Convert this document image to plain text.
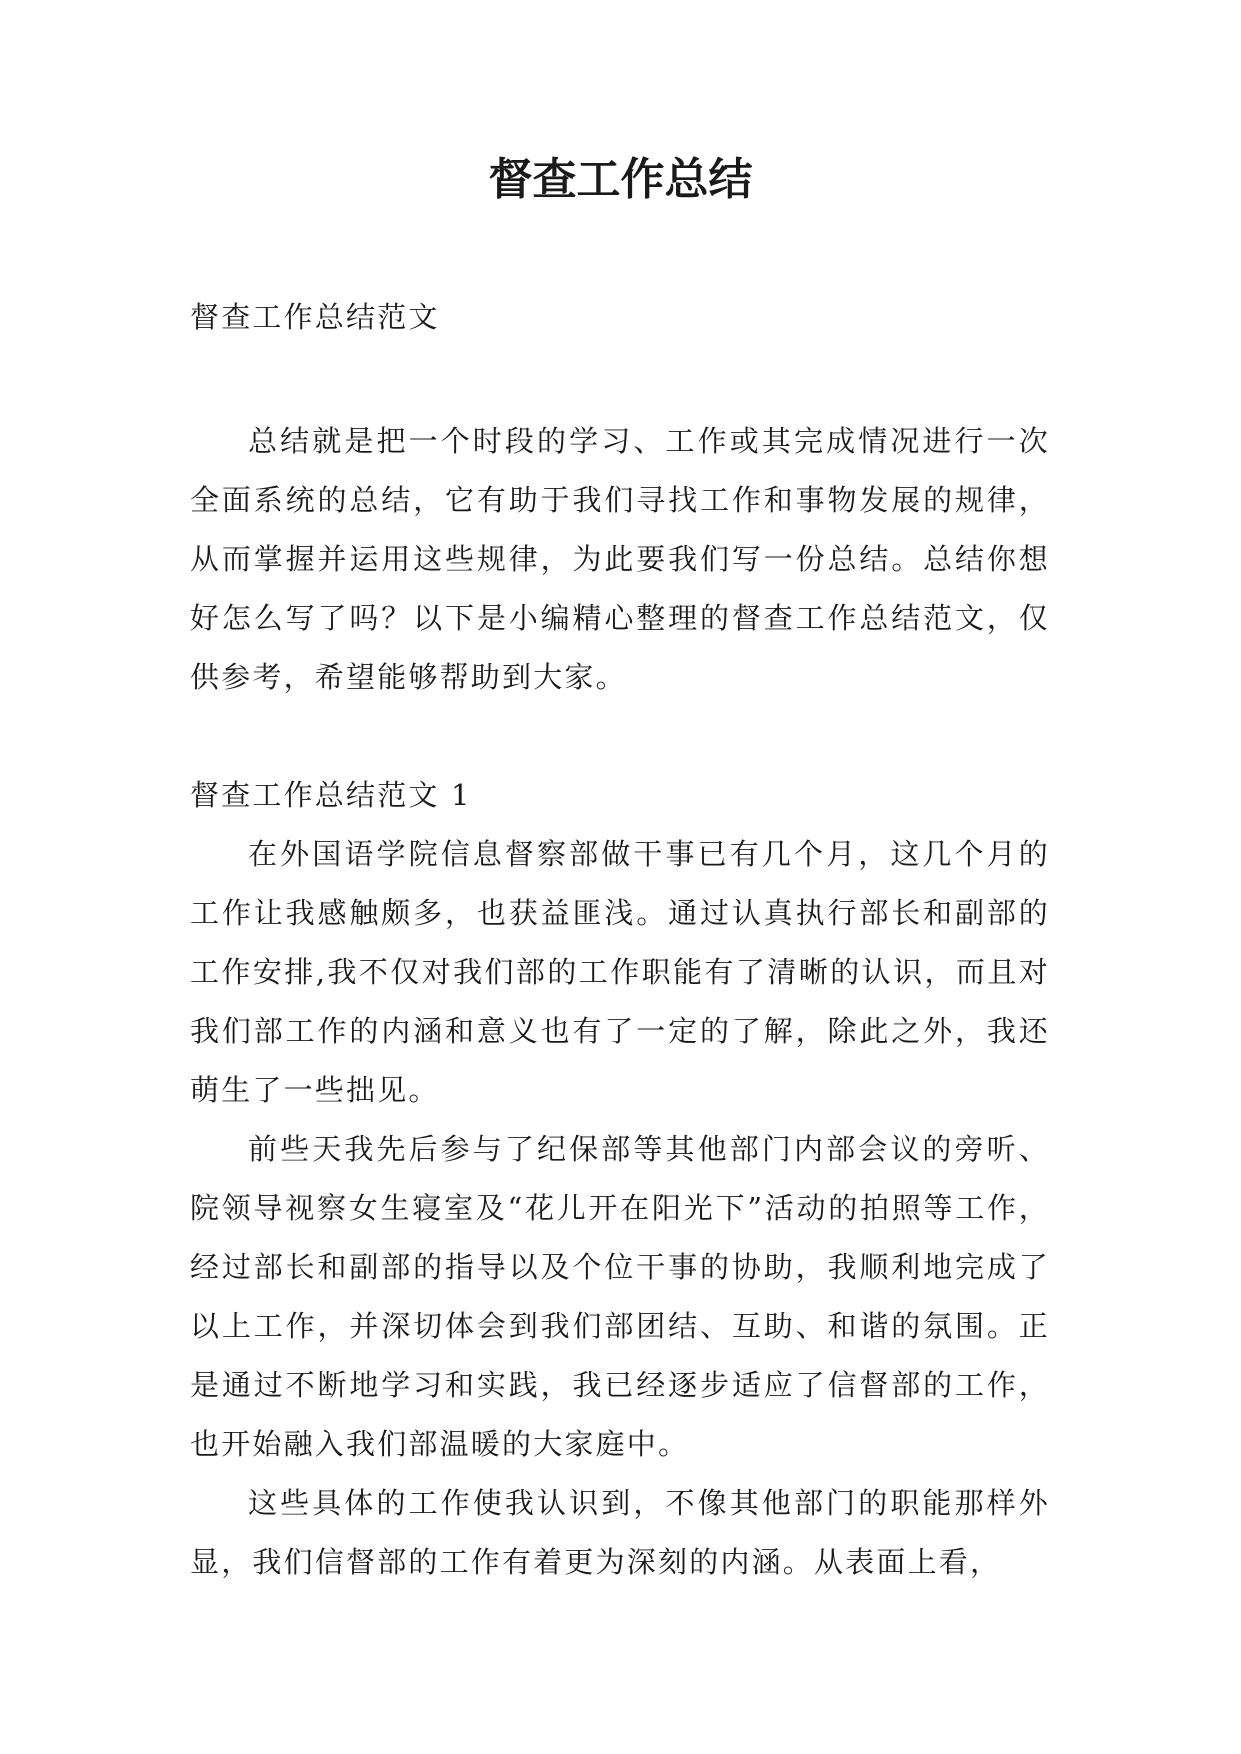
督查工作总结

督查工作总结范文

总结就是把一个时段的学习、工作或其完成情况进行一次全面系统的总结，它有助于我们寻找工作和事物发展的规律，从而掌握并运用这些规律，为此要我们写一份总结。总结你想好怎么写了吗？以下是小编精心整理的督查工作总结范文，仅供参考，希望能够帮助到大家。

督查工作总结范文 1

在外国语学院信息督察部做干事已有几个月，这几个月的工作让我感触颇多，也获益匪浅。通过认真执行部长和副部的工作安排,我不仅对我们部的工作职能有了清晰的认识，而且对我们部工作的内涵和意义也有了一定的了解，除此之外，我还萌生了一些拙见。

前些天我先后参与了纪保部等其他部门内部会议的旁听、院领导视察女生寝室及“花儿开在阳光下”活动的拍照等工作，经过部长和副部的指导以及个位干事的协助，我顺利地完成了以上工作，并深切体会到我们部团结、互助、和谐的氛围。正是通过不断地学习和实践，我已经逐步适应了信督部的工作，也开始融入我们部温暖的大家庭中。

这些具体的工作使我认识到，不像其他部门的职能那样外显，我们信督部的工作有着更为深刻的内涵。从表面上看，
